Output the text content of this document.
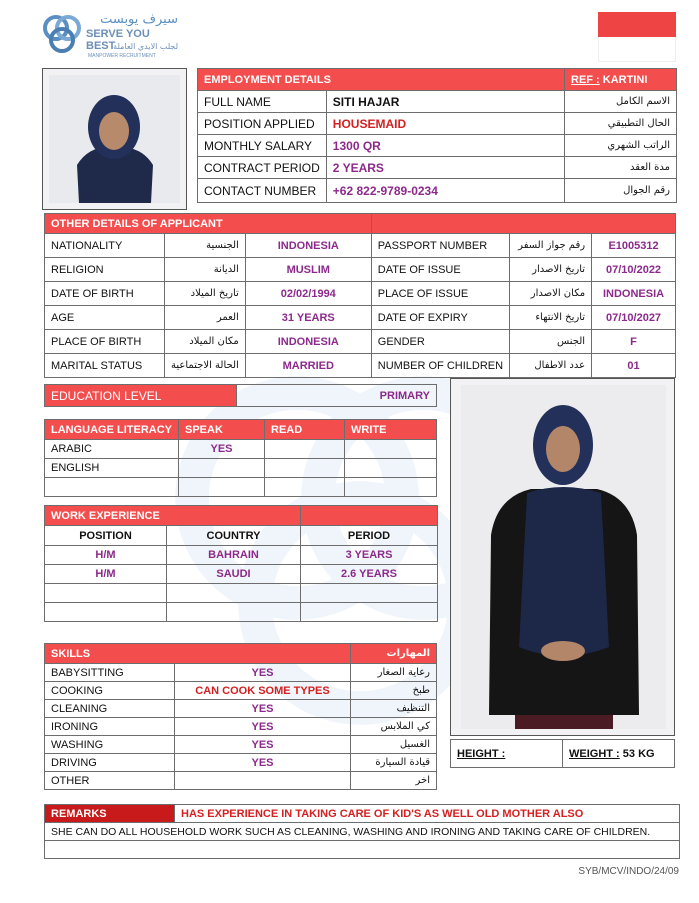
سيرف يوبست
SERVE YOU BEST
لجلب الايدي العاملة
MANPOWER RECRUITMENT
EMPLOYMENT DETAILS		REF : KARTINI
FULL NAME	SITI HAJAR	الاسم الكامل
POSITION APPLIED	HOUSEMAID	الحال التطبيقي
MONTHLY SALARY	1300 QR	الراتب الشهري
CONTRACT PERIOD	2 YEARS	مدة العقد
CONTACT NUMBER	+62 822-9789-0234	رقم الجوال
OTHER DETAILS OF APPLICANT					
NATIONALITY	الجنسية	INDONESIA	PASSPORT NUMBER	رقم جواز السفر	E1005312
RELIGION	الديانة	MUSLIM	DATE OF ISSUE	تاريخ الاصدار	07/10/2022
DATE OF BIRTH	تاريخ الميلاد	02/02/1994	PLACE OF ISSUE	مكان الاصدار	INDONESIA
AGE	العمر	31 YEARS	DATE OF EXPIRY	تاريخ الانتهاء	07/10/2027
PLACE OF BIRTH	مكان الميلاد	INDONESIA	GENDER	الجنس	F
MARITAL STATUS	الحالة الاجتماعية	MARRIED	NUMBER OF CHILDREN	عدد الاطفال	01
EDUCATION LEVEL	PRIMARY
LANGUAGE LITERACY	SPEAK	READ	WRITE
ARABIC	YES		
ENGLISH			

WORK EXPERIENCE		
POSITION	COUNTRY	PERIOD
H/M	BAHRAIN	3 YEARS
H/M	SAUDI	2.6 YEARS

SKILLS		المهارات
BABYSITTING	YES	رعاية الصغار
COOKING	CAN COOK SOME TYPES	طبخ
CLEANING	YES	التنظيف
IRONING	YES	كي الملابس
WASHING	YES	الغسيل
DRIVING	YES	قيادة السيارة
OTHER		اخر
HEIGHT :	WEIGHT : 53 KG
REMARKS	HAS EXPERIENCE IN TAKING CARE OF KID'S AS WELL OLD MOTHER ALSO
SHE CAN DO ALL HOUSEHOLD WORK SUCH AS CLEANING, WASHING AND IRONING AND TAKING CARE OF CHILDREN.

SYB/MCV/INDO/24/09
